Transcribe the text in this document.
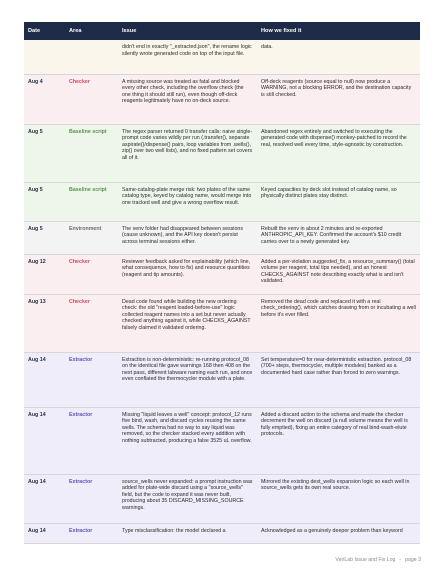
Date	Area	Issue	How we fixed it
		didn't end in exactly "_extracted.json", the rename logic silently wrote generated code on top of the input file.	data.
Aug 4	Checker	A missing source was treated as fatal and blocked every other check, including the overflow check (the one thing it should still run), even though off-deck reagents legitimately have no on-deck source.	Off-deck reagents (source equal to null) now produce a WARNING, not a blocking ERROR, and the destination capacity is still checked.
Aug 5	Baseline script	The regex parser returned 0 transfer calls: naive single-prompt code varies wildly per run (.transfer(), separate aspirate()/dispense() pairs, loop variables from .wells(), zip() over two well lists), and no fixed pattern set covers all of it.	Abandoned regex entirely and switched to executing the generated code with dispense() monkey-patched to record the real, resolved well every time, style-agnostic by construction.
Aug 5	Baseline script	Same-catalog-plate merge risk: two plates of the same catalog type, keyed by catalog name, would merge into one tracked well and give a wrong overflow result.	Keyed capacities by deck slot instead of catalog name, so physically distinct plates stay distinct.
Aug 5	Environment	The venv folder had disappeared between sessions (cause unknown), and the API key doesn't persist across terminal sessions either.	Rebuilt the venv in about 2 minutes and re-exported ANTHROPIC_API_KEY. Confirmed the account's $10 credit carries over to a newly generated key.
Aug 12	Checker	Reviewer feedback asked for explainability (which line, what consequence, how to fix) and resource quantities (reagent and tip amounts).	Added a per-violation suggested_fix, a resource_summary() (total volume per reagent, total tips needed), and an honest CHECKS_AGAINST note describing exactly what is and isn't validated.
Aug 13	Checker	Dead code found while building the new ordering check: the old "reagent loaded-before-use" logic collected reagent names into a set but never actually checked anything against it, while CHECKS_AGAINST falsely claimed it validated ordering.	Removed the dead code and replaced it with a real check_ordering(), which catches drawing from or incubating a well before it's ever filled.
Aug 14	Extractor	Extraction is non-deterministic: re-running protocol_08 on the identical file gave warnings 168 then 408 on the next pass, different labware naming each run, and once even conflated the thermocycler module with a plate.	Set temperature=0 for near-deterministic extraction. protocol_08 (700+ steps, thermocycler, multiple modules) banked as a documented hard case rather than forced to zero warnings.
Aug 14	Extractor	Missing "liquid leaves a well" concept: protocol_12 runs five bind, wash, and discard cycles reusing the same wells. The schema had no way to say liquid was removed, so the checker stacked every addition with nothing subtracted, producing a false 3525 uL overflow.	Added a discard action to the schema and made the checker decrement the well on discard (a null volume means the well is fully emptied), fixing an entire category of real bind-wash-elute protocols.
Aug 14	Extractor	source_wells never expanded: a prompt instruction was added for plate-wide discard using a "source_wells" field, but the code to expand it was never built, producing about 35 DISCARD_MISSING_SOURCE warnings.	Mirrored the existing dest_wells expansion logic so each well in source_wells gets its own real source.
Aug 14	Extractor	Type misclassification: the model declared a	Acknowledged as a genuinely deeper problem than keyword
VeriLab Issue and Fix Log - page 3
